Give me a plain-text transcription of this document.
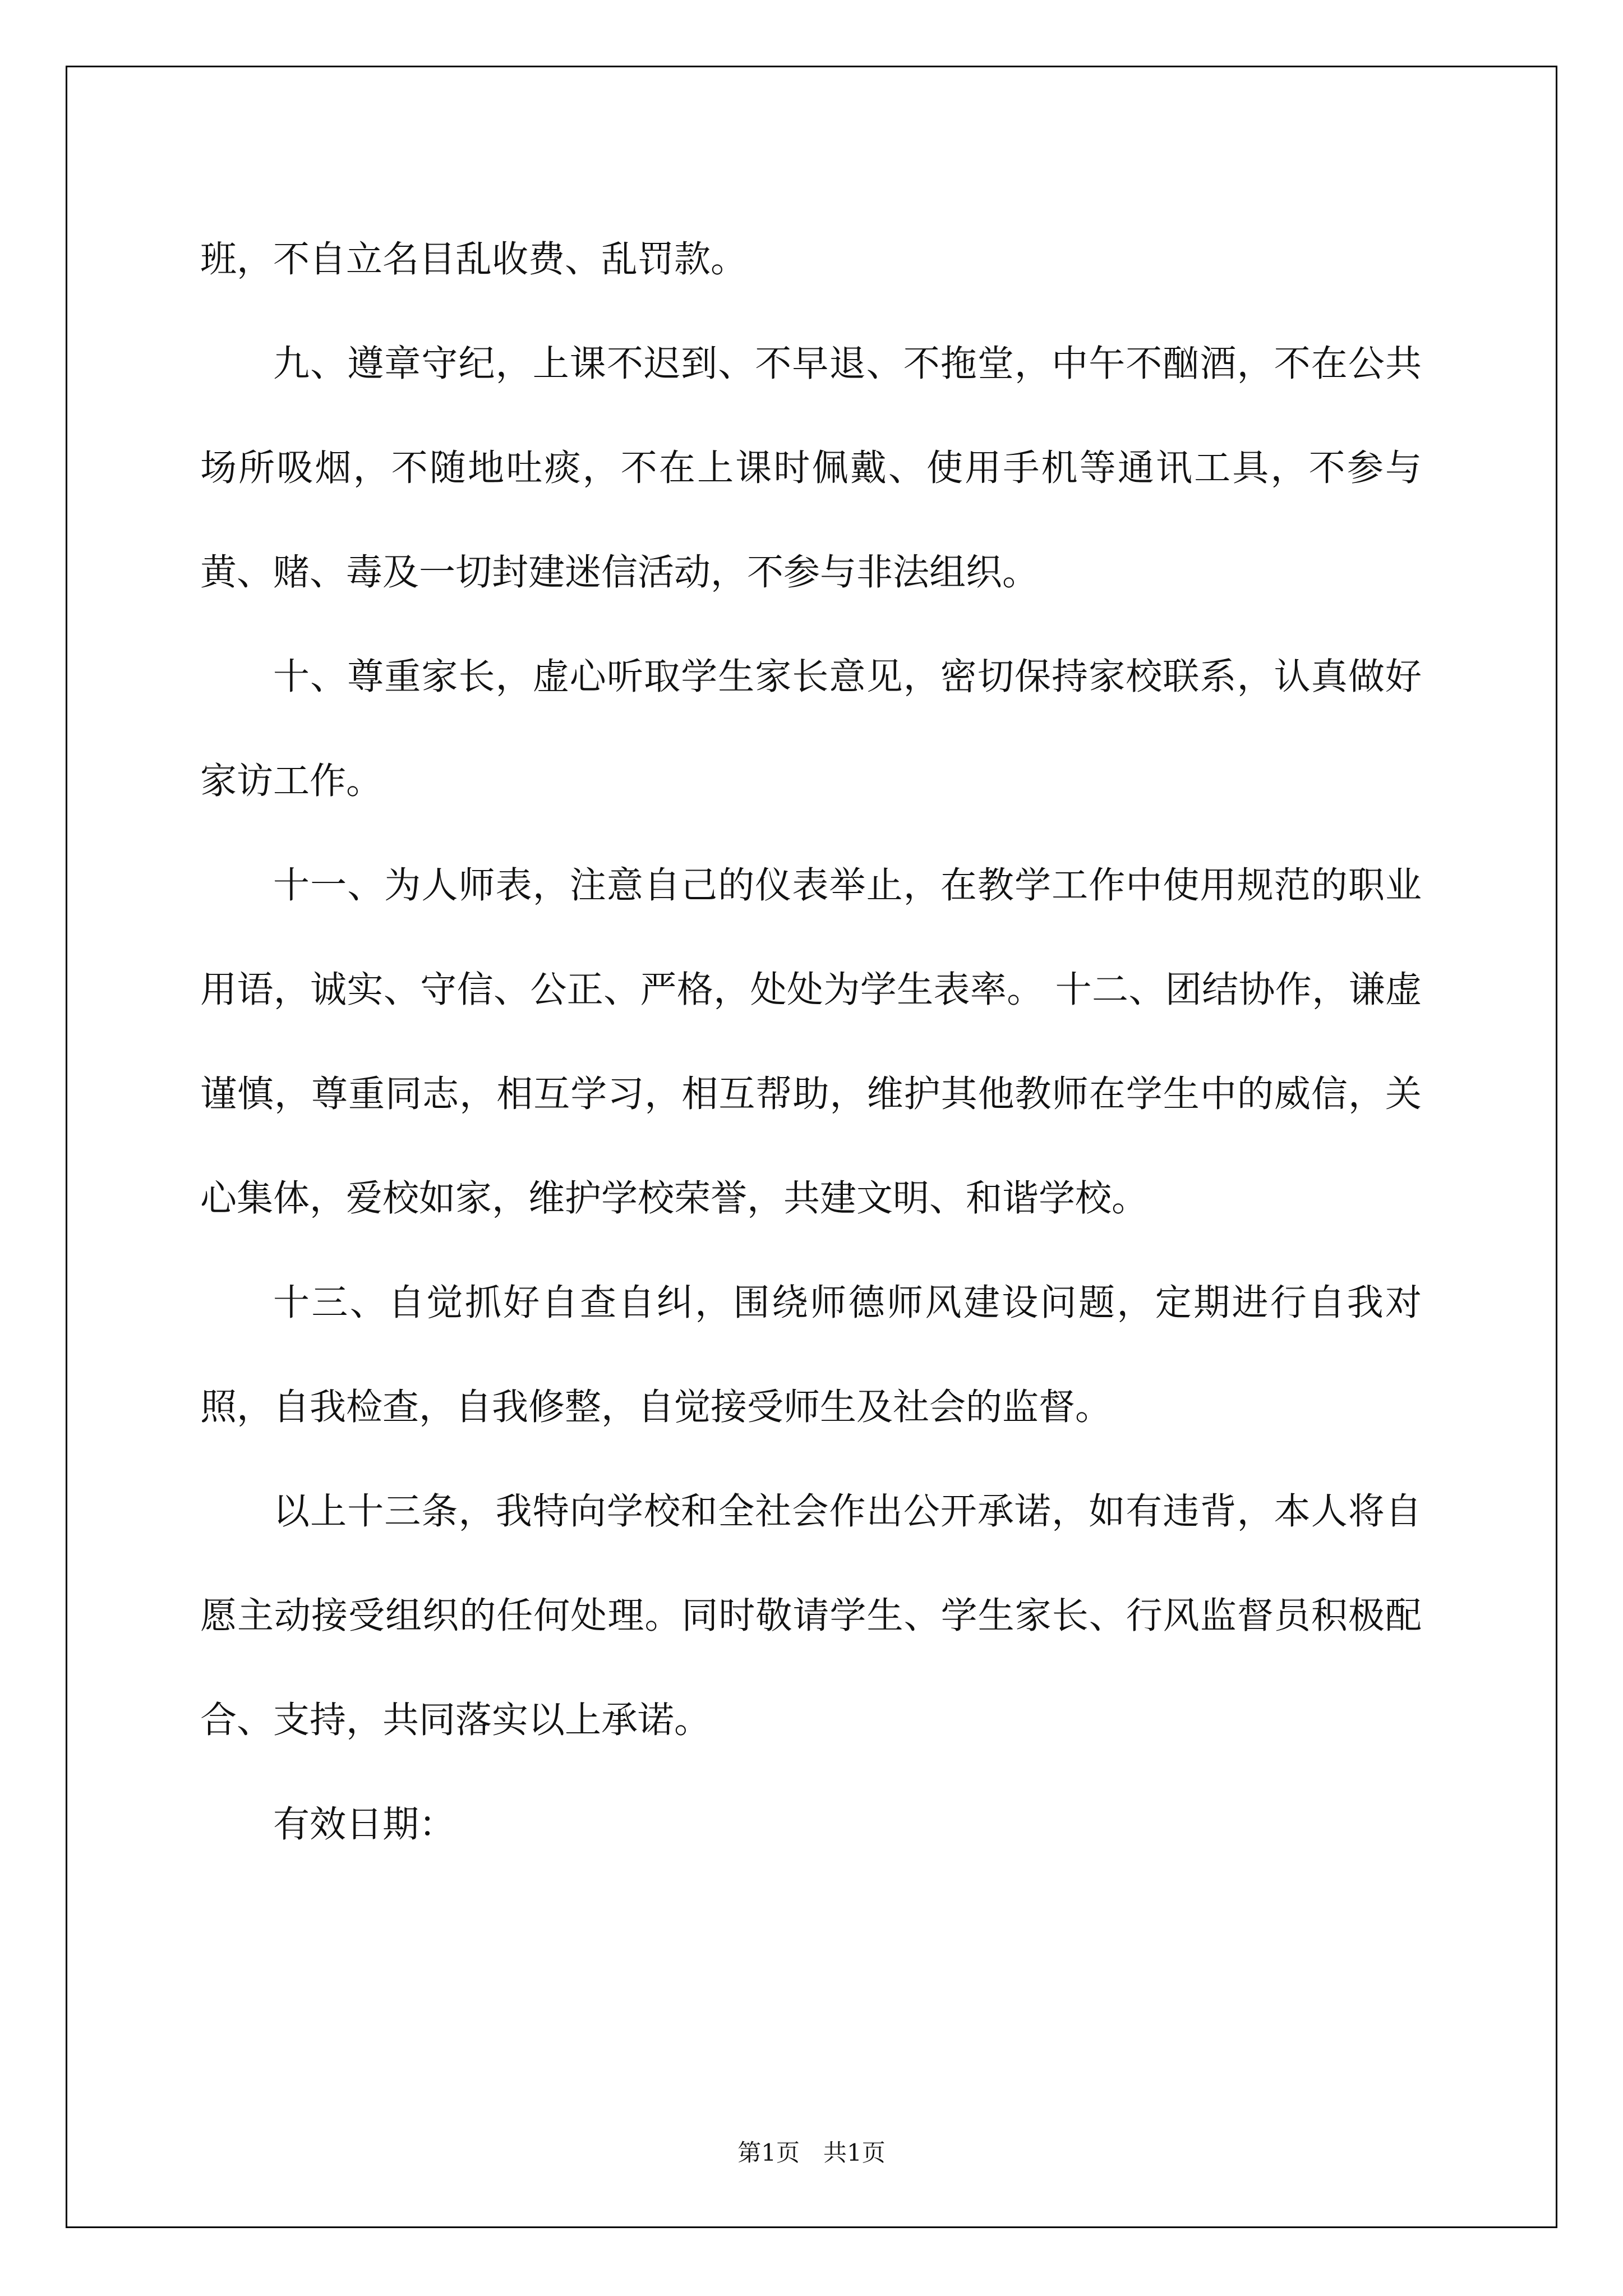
班，不自立名目乱收费、乱罚款。

九、遵章守纪，上课不迟到、不早退、不拖堂，中午不酗酒，不在公共场所吸烟，不随地吐痰，不在上课时佩戴、使用手机等通讯工具，不参与黄、赌、毒及一切封建迷信活动，不参与非法组织。

十、尊重家长，虚心听取学生家长意见，密切保持家校联系，认真做好家访工作。

十一、为人师表，注意自己的仪表举止，在教学工作中使用规范的职业用语，诚实、守信、公正、严格，处处为学生表率。 十二、团结协作，谦虚谨慎，尊重同志，相互学习，相互帮助，维护其他教师在学生中的威信，关心集体，爱校如家，维护学校荣誉，共建文明、和谐学校。

十三、自觉抓好自查自纠，围绕师德师风建设问题，定期进行自我对照，自我检查，自我修整，自觉接受师生及社会的监督。

以上十三条，我特向学校和全社会作出公开承诺，如有违背，本人将自愿主动接受组织的任何处理。同时敬请学生、学生家长、行风监督员积极配合、支持，共同落实以上承诺。

有效日期：

第1页　共1页
